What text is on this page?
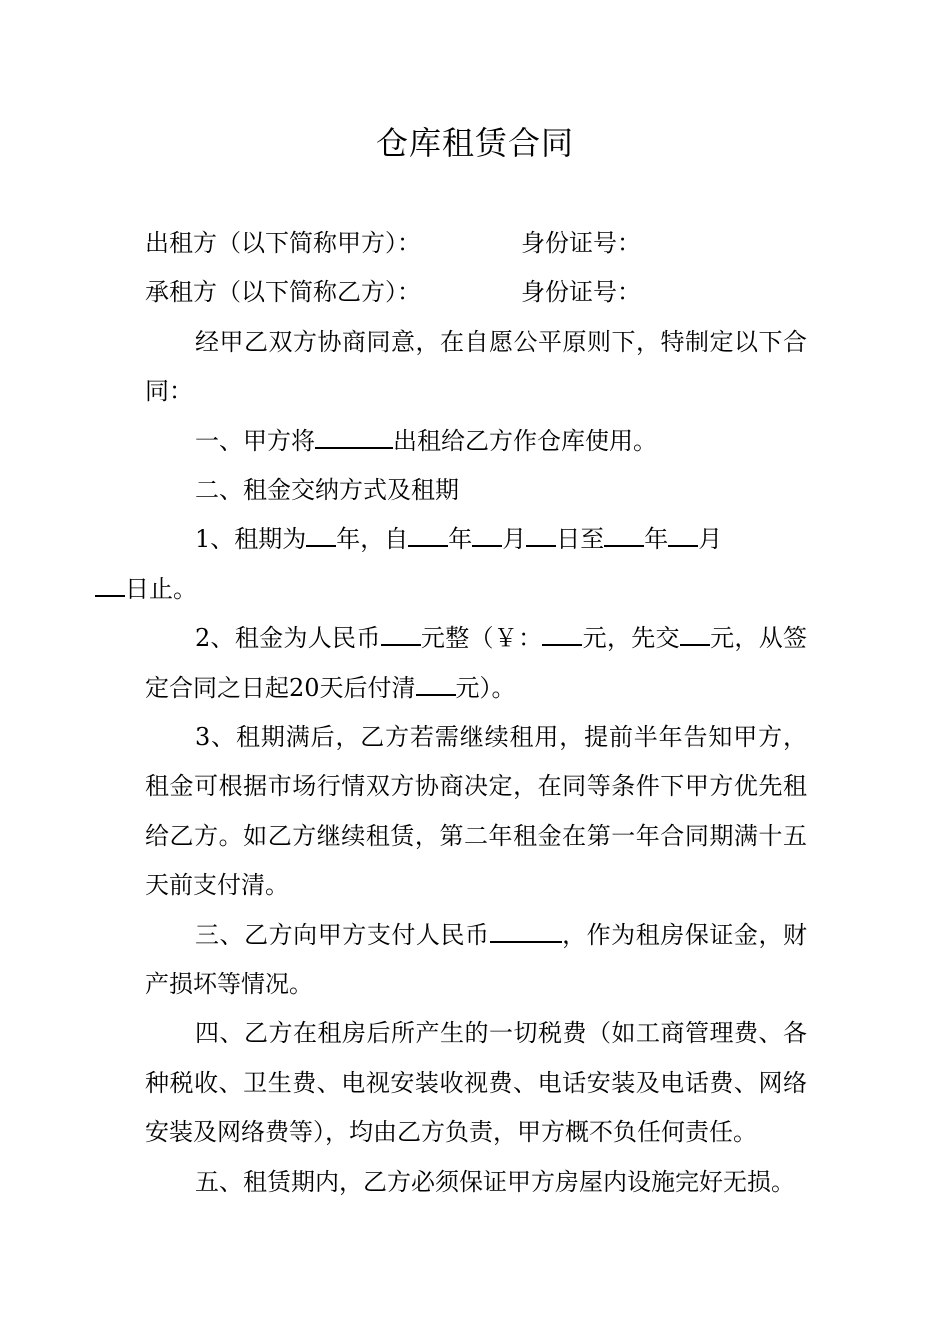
仓库租赁合同
出租方（以下简称甲方）：	身份证号：
承租方（以下简称乙方）：	身份证号：

经甲乙双方协商同意，在自愿公平原则下，特制定以下合同：

一、甲方将	出租给乙方作仓库使用。

二、租金交纳方式及租期

1、租期为 年，自 年 月 日至 年 月
日止。

2、租金为人民币 元整（￥： 元，先交 元，从签定合同之日起20天后付清 元）。

3、租期满后，乙方若需继续租用，提前半年告知甲方，租金可根据市场行情双方协商决定，在同等条件下甲方优先租给乙方。如乙方继续租赁，第二年租金在第一年合同期满十五天前支付清。

三、乙方向甲方支付人民币	，作为租房保证金，财产损坏等情况。

四、乙方在租房后所产生的一切税费（如工商管理费、各种税收、卫生费、电视安装收视费、电话安装及电话费、网络安装及网络费等），均由乙方负责，甲方概不负任何责任。

五、租赁期内，乙方必须保证甲方房屋内设施完好无损。
